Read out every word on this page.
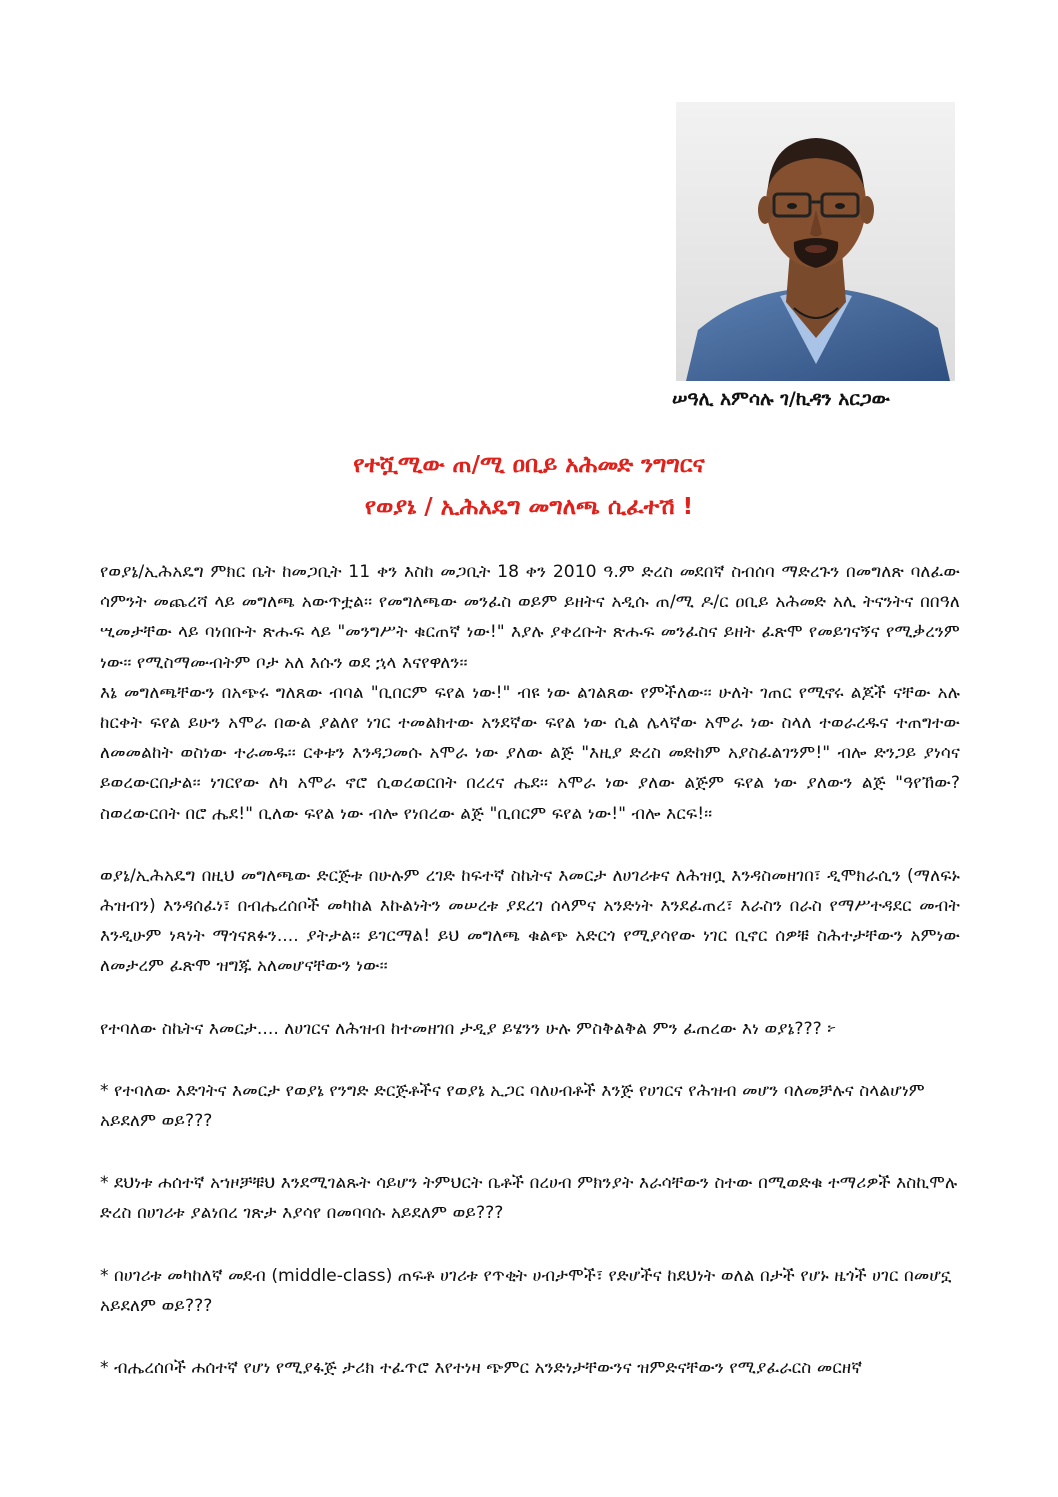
ሠዓሊ አምሳሉ ገ/ኪዳን አርጋው
የተሿሚው ጠ/ሚ ዐቢይ አሕመድ ንግግርና
የወያኔ / ኢሕአዴግ መግለጫ ሲፈተሽ !

የወያኔ/ኢሕአዴግ ምክር ቤት ከመጋቢት 11 ቀን እስከ መጋቢት 18 ቀን 2010 ዓ.ም ድረስ መደበኛ ስብሰባ ማድረጉን በመግለጽ ባለፈው ሳምንት መጨረሻ ላይ መግለጫ አውጥቷል፡፡ የመግለጫው መንፈስ ወይም ይዘትና አዲሱ ጠ/ሚ ዶ/ር ዐቢይ አሕመድ አሊ ትናንትና በበዓለ ሢመታቸው ላይ ባነበቡት ጽሑፍ ላይ "መንግሥት ቁርጠኛ ነው!" እያሉ ያቀረቡት ጽሑፍ መንፈስና ይዘት ፈጽሞ የመይገናኝና የሚቃረንም ነው፡፡ የሚስማሙብትም ቦታ አለ እሱን ወደ ኋላ እናየዋለን፡፡

እኔ መግለጫቸውን በአጭሩ ግለጸው ብባል "ቢበርም ፍየል ነው!" ብዩ ነው ልገልጸው የምችለው፡፡ ሁለት ገጠር የሚኖሩ ልጆች ናቸው አሉ ከርቀት ፍየል ይሁን አሞራ በውል ያልለየ ነገር ተመልክተው አንደኛው ፍየል ነው ሲል ሌላኛው አሞራ ነው ስላለ ተወራረዱና ተጠግተው ለመመልከት ወስነው ተራመዱ፡፡ ርቀቱን እንዳጋመሱ አሞራ ነው ያለው ልጅ "እዚያ ድረስ መድከም አያስፈልገንም!" ብሎ ድንጋይ ያነሳና ይወረውርበታል፡፡ ነገርየው ለካ አሞራ ኖሮ ሲወረወርበት በረረና ሔደ፡፡ አሞራ ነው ያለው ልጅም ፍየል ነው ያለውን ልጅ "ዓየኸው? ስወረውርበት በሮ ሔደ!" ቢለው ፍየል ነው ብሎ የነበረው ልጅ "ቢበርም ፍየል ነው!" ብሎ እርፍ!፡፡

ወያኔ/ኢሕአዴግ በዚህ መግለጫው ድርጅቱ በሁሉም ረገድ ከፍተኛ ስኬትና እመርታ ለሀገሪቱና ለሕዝቧ እንዳስመዘገበ፣ ዲሞክራሲን (ማለፍኑ ሕዝብን) እንዳሰፈነ፣ በብሔረሰቦች መካከል እኩልነትን መሠረቱ ያደረገ ሰላምና አንድነት እንደፈጠረ፣ እራስን በራስ የማሥተዳደር መብት እንዲሁም ነጻነት ማጎናጸፉን.... ያትታል፡፡ ይገርማል! ይህ መግለጫ ቁልጭ አድርጎ የሚያሳየው ነገር ቢኖር ሰዎቹ ስሕተታቸውን አምነው ለመታረም ፈጽሞ ዝግጁ አለመሆናቸውን ነው፡፡

የተባለው ስኬትና እመርታ.... ለሀገርና ለሕዝብ ከተመዘገበ ታዲያ ይሄንን ሁሉ ምስቅልቅል ምን ፈጠረው እነ ወያኔ??? ፦

* የተባለው እድገትና እመርታ የወያኔ የንግድ ድርጅቶችና የወያኔ ኢጋር ባለሀብቶች እንጅ የሀገርና የሕዝብ መሆን ባለመቻሉና ስላልሆነም አይደለም ወይ???

* ደህነቱ ሐሰተኛ አኀዞቻቹህ እንደሚገልጹት ሳይሆን ትምህርት ቤቶች በረሀብ ምክንያት እራሳቸውን ስተው በሚወድቁ ተማሪዎች እስኪሞሉ ድረስ በሀገሪቱ ያልነበረ ገጽታ እያሳየ በመባባሱ አይደለም ወይ???

* በሀገሪቱ መካከለኛ መደብ (middle-class) ጠፍቶ ሀገሪቱ የጥቂት ሀብታሞች፣ የድሆችና ከደህነት ወለል በታች የሆኑ ዜጎች ሀገር በመሆኗ አይደለም ወይ???

* ብሔረሰቦች ሐሰተኛ የሆነ የሚያፋጅ ታሪክ ተፈጥሮ እየተነዛ ጭምር አንድነታቸውንና ዝምድናቸውን የሚያፈራርስ መርዘኛ
